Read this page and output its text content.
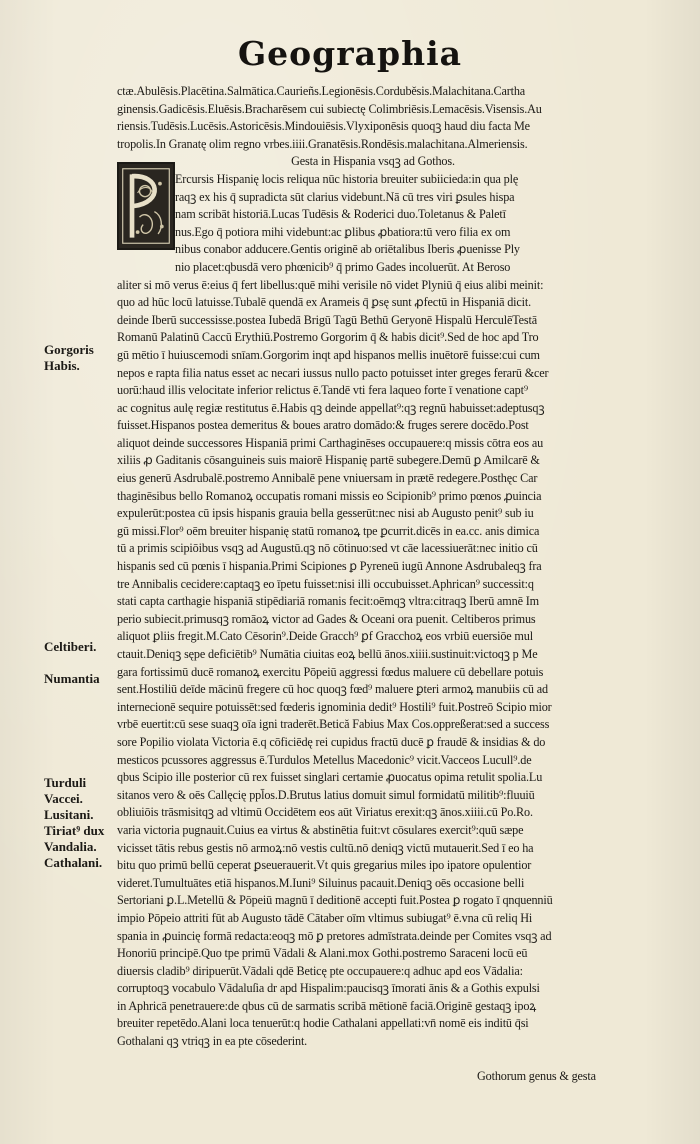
Geographia
Gorgoris
Habis.
Celtiberi.
Numantia
Turduli
Vaccei.
Lusitani.
Tiriat⁹ dux
Vandalia.
Cathalani.
ctæ.Abulēsis.Placētina.Salmātica.Caurieñs.Legionēsis.Corduběsis.Malachitana.Cartha
ginensis.Gadicēsis.Eluēsis.Bracharēsem cui subiectę Colimbriēsis.Lemacēsis.Visensis.Au
riensis.Tudēsis.Lucēsis.Astoricēsis.Mindouiēsis.Vlyxiponēsis quoqꝫ haud diu facta Me
tropolis.In Granatę olim regno vrbes.iiii.Granatēsis.Rondēsis.malachitana.Almeriensis.
Gesta in Hispania vsqꝫ ad Gothos.
Ercursis Hispanię locis reliqua nūc historia breuiter subiicieda:in qua plę
raqꝫ ex his q̄ supradicta sūt clarius videbunt.Nā cū tres viri ꝑsules hispa
nam scribāt historiā.Lucas Tudēsis & Roderici duo.Toletanus & Paletī
nus.Ego q̄ potiora mihi videbunt:ac ꝑlibus ꝓbatiora:tū vero filia ex om
nibus conabor adducere.Gentis originē ab oriētalibus Iberis ꝓuenisse Ply
nio placet:qbusdā vero phœnicib⁹ q̄ primo Gades incoluerūt. At Beroso
aliter si mō verus ē:eius q̄ fert libellus:quē mihi verisile nō videt Plyniū q̄ eius alibi meinit:
quo ad hūc locū latuisse.Tubalē quendā ex Arameis q̄ ꝑsę sunt ꝓfectū in Hispaniā dicit.
deinde Iberū successisse.postea Iubedā Brigū Tagū Bethū Geryonē Hispalū HerculēTestā
Romanū Palatinū Caccū Erythiū.Postremo Gorgorim q̄ & habis dicit⁹.Sed de hoc apd Tro
gū mētio ī huiuscemodi snīam.Gorgorim inqt apd hispanos mellis inuētorē fuisse:cui cum
nepos e rapta filia natus esset ac necari iussus nullo pacto potuisset inter greges ferarū &cer
uorū:haud illis velocitate inferior relictus ē.Tandē vti fera laqueo forte ī venatione capt⁹
ac cognitus aulę regiæ restitutus ē.Habis qꝫ deinde appellat⁹:qꝫ regnū habuisset:adeptusqꝫ
fuisset.Hispanos postea demeritus & boues aratro domādo:& fruges serere docēdo.Post
aliquot deinde successores Hispaniā primi Carthaginēses occupauere:q missis cōtra eos au
xiliis ꝓ Gaditanis cōsanguineis suis maiorē Hispanię partē subegere.Demū ꝑ Amilcarē &
eius generū Asdrubalē.postremo Annibalē pene vniuersam in prætē redegere.Posthęc Car
thaginēsibus bello Romanoꝝ occupatis romani missis eo Scipionib⁹ primo pœnos ꝓuincia
expulerūt:postea cū ipsis hispanis grauia bella gesserūt:nec nisi ab Augusto penit⁹ sub iu
gū missi.Flor⁹ oēm breuiter hispanię statū romanoꝝ tpe ꝑcurrit.dicēs in ea.cc. anis dimica
tū a primis scipiōibus vsqꝫ ad Augustū.qꝫ nō cōtinuo:sed vt cāe lacessiuerāt:nec initio cū
hispanis sed cū pœnis ī hispania.Primi Scipiones ꝑ Pyreneū iugū Annone Asdrubaleqꝫ fra
tre Annibalis cecidere:captaqꝫ eo īpetu fuisset:nisi illi occubuisset.Aphrican⁹ successit:q
stati capta carthagie hispaniā stipēdiariā romanis fecit:oēmqꝫ vltra:citraqꝫ Iberū amnē Im
perio subiecit.primusqꝫ romāoꝝ victor ad Gades & Oceani ora puenit. Celtiberos primus
aliquot ꝑliis fregit.M.Cato Cēsorin⁹.Deide Gracch⁹ ꝑf Gracchoꝝ eos vrbiū euersiōe mul
ctauit.Deniqꝫ sępe deficiētib⁹ Numātia ciuitas eoꝝ bellū ānos.xiiii.sustinuit:victoqꝫ p Me
gara fortissimū ducē romanoꝝ exercitu Pōpeiū aggressi fœdus maluere cū debellare potuis
sent.Hostiliū deīde mācinū fregere cū hoc quoqꝫ fœd⁹ maluere ꝑteri armoꝝ manubiis cū ad
internecionē sequire potuissēt:sed fœderis ignominia dedit⁹ Hostili⁹ fuit.Postreō Scipio mior
vrbē euertit:cū sese suaqꝫ oīa igni traderēt.Betică Fabius Max Cos.oppreßerat:sed a success
sore Popilio violata Victoria ē.q cōficiēdę rei cupidus fractū ducē ꝑ fraudē & insidias & do
mesticos pcussores aggressus ē.Turdulos Metellus Macedonic⁹ vicit.Vacceos Lucull⁹.de
qbus Scipio ille posterior cū rex fuisset singlari certamie ꝓuocatus opima retulit spolia.Lu
sitanos vero & oēs Callęcię ppl̄os.D.Brutus latius domuit simul formidatū militib⁹:fluuiū
obliuiōis trāsmisitqꝫ ad vltimū Occidētem eos aūt Viriatus erexit:qꝫ ānos.xiiii.cū Po.Ro.
varia victoria pugnauit.Cuius ea virtus & abstinētia fuit:vt cōsulares exercit⁹:quū sæpe
vicisset tātis rebus gestis nō armoꝝ:nō vestis cultū.nō deniqꝫ victū mutauerit.Sed ī eo ha
bitu quo primū bellū ceperat ꝑseuerauerit.Vt quis gregarius miles ipo ipatore opulentior
videret.Tumultuātes etiā hispanos.M.Iuni⁹ Siluinus pacauit.Deniqꝫ oēs occasione belli
Sertoriani ꝑ.L.Metellū & Pōpeiū magnū ī deditionē accepti fuit.Postea ꝑ rogato ī qnquenniū
impio Pōpeio attriti fūt ab Augusto tādē Cātaber oīm vltimus subiugat⁹ ē.vna cū reliq Hi
spania in ꝓuincię formā redacta:eoqꝫ mō ꝑ pretores admīstrata.deinde per Comites vsqꝫ ad
Honoriū principē.Quo tpe primū Vādali & Alani.mox Gothi.postremo Saraceni locū eū
diuersis cladib⁹ diripuerūt.Vādali qdē Beticę pte occupauere:q adhuc apd eos Vādalia:
corruptoqꝫ vocabulo Vādaluſia dr apd Hispalim:paucisqꝫ īmorati ānis & a Gothis expulsi
in Aphricā penetrauere:de qbus cū de sarmatis scribā mētionē faciā.Originē gestaqꝫ ipoꝝ
breuiter repetēdo.Alani loca tenuerūt:q hodie Cathalani appellati:vn̄ nomē eis inditū q̄si
Gothalani qꝫ vtriqꝫ in ea pte cōsederint.
Gothorum genus & gesta
